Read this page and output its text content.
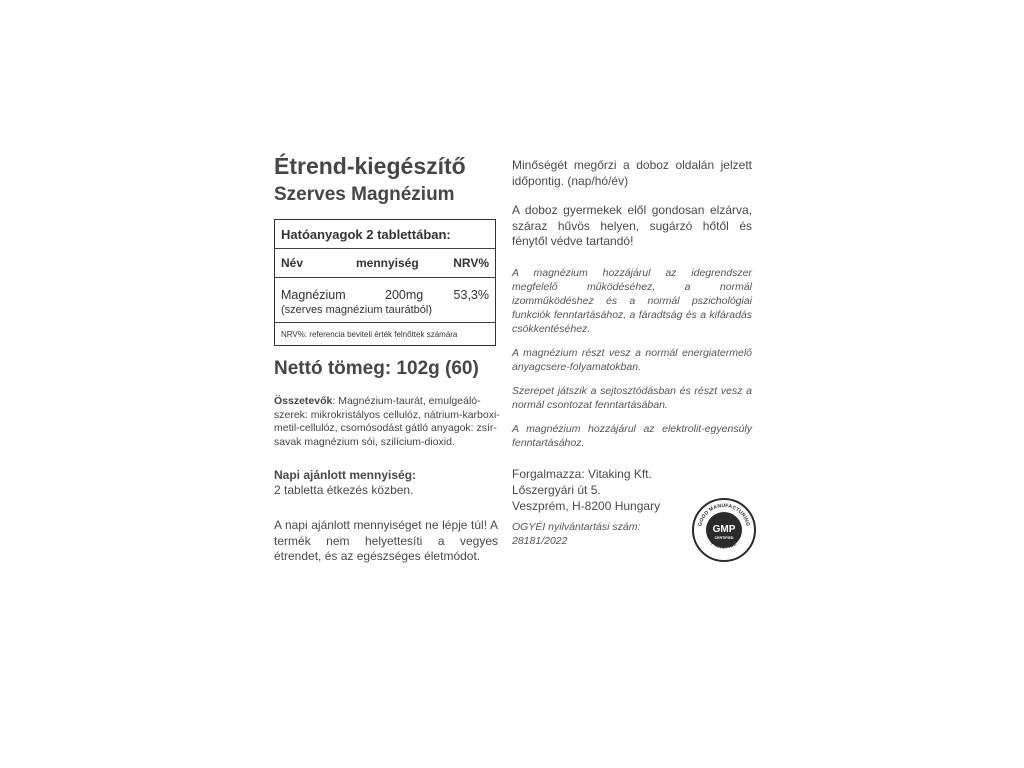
Étrend-kiegészítő
Szerves Magnézium
Hatóanyagok 2 tablettában:
Név	mennyiség	NRV%
Magnézium	200mg	53,3%
(szerves magnézium taurátból)
NRV%: referencia beviteli érték felnőttek számára
Nettó tömeg: 102g (60)
Összetevők: Magnézium-taurát, emulgeáló-szerek: mikrokristályos cellulóz, nátrium-karboxi-metil-cellulóz, csomósodást gátló anyagok: zsír-savak magnézium sói, szilícium-dioxid.
Napi ajánlott mennyiség:
2 tabletta étkezés közben.
A napi ajánlott mennyiséget ne lépje túl! A termék nem helyettesíti a vegyes étrendet, és az egészséges életmódot.
Minőségét megőrzi a doboz oldalán jelzett időpontig. (nap/hó/év)
A doboz gyermekek elől gondosan elzárva, száraz hűvös helyen, sugárzó hőtől és fénytől védve tartandó!
A magnézium hozzájárul az idegrendszer megfelelő működéséhez, a normál izomműködéshez és a normál pszichológiai funkciók fenntartásához, a fáradtság és a kifáradás csökkentéséhez.
A magnézium részt vesz a normál energiatermelő anyagcsere-folyamatokban.
Szerepet játszik a sejtosztódásban és részt vesz a normál csontozat fenntartásában.
A magnézium hozzájárul az elektrolit-egyensúly fenntartásához.
Forgalmazza: Vitaking Kft.
Lőszergyári út 5.
Veszprém, H-8200 Hungary
OGYÉI nyilvántartási szám:
28181/2022
GOOD MANUFACTURING
PRACTICE
GMP
CERTIFIED
